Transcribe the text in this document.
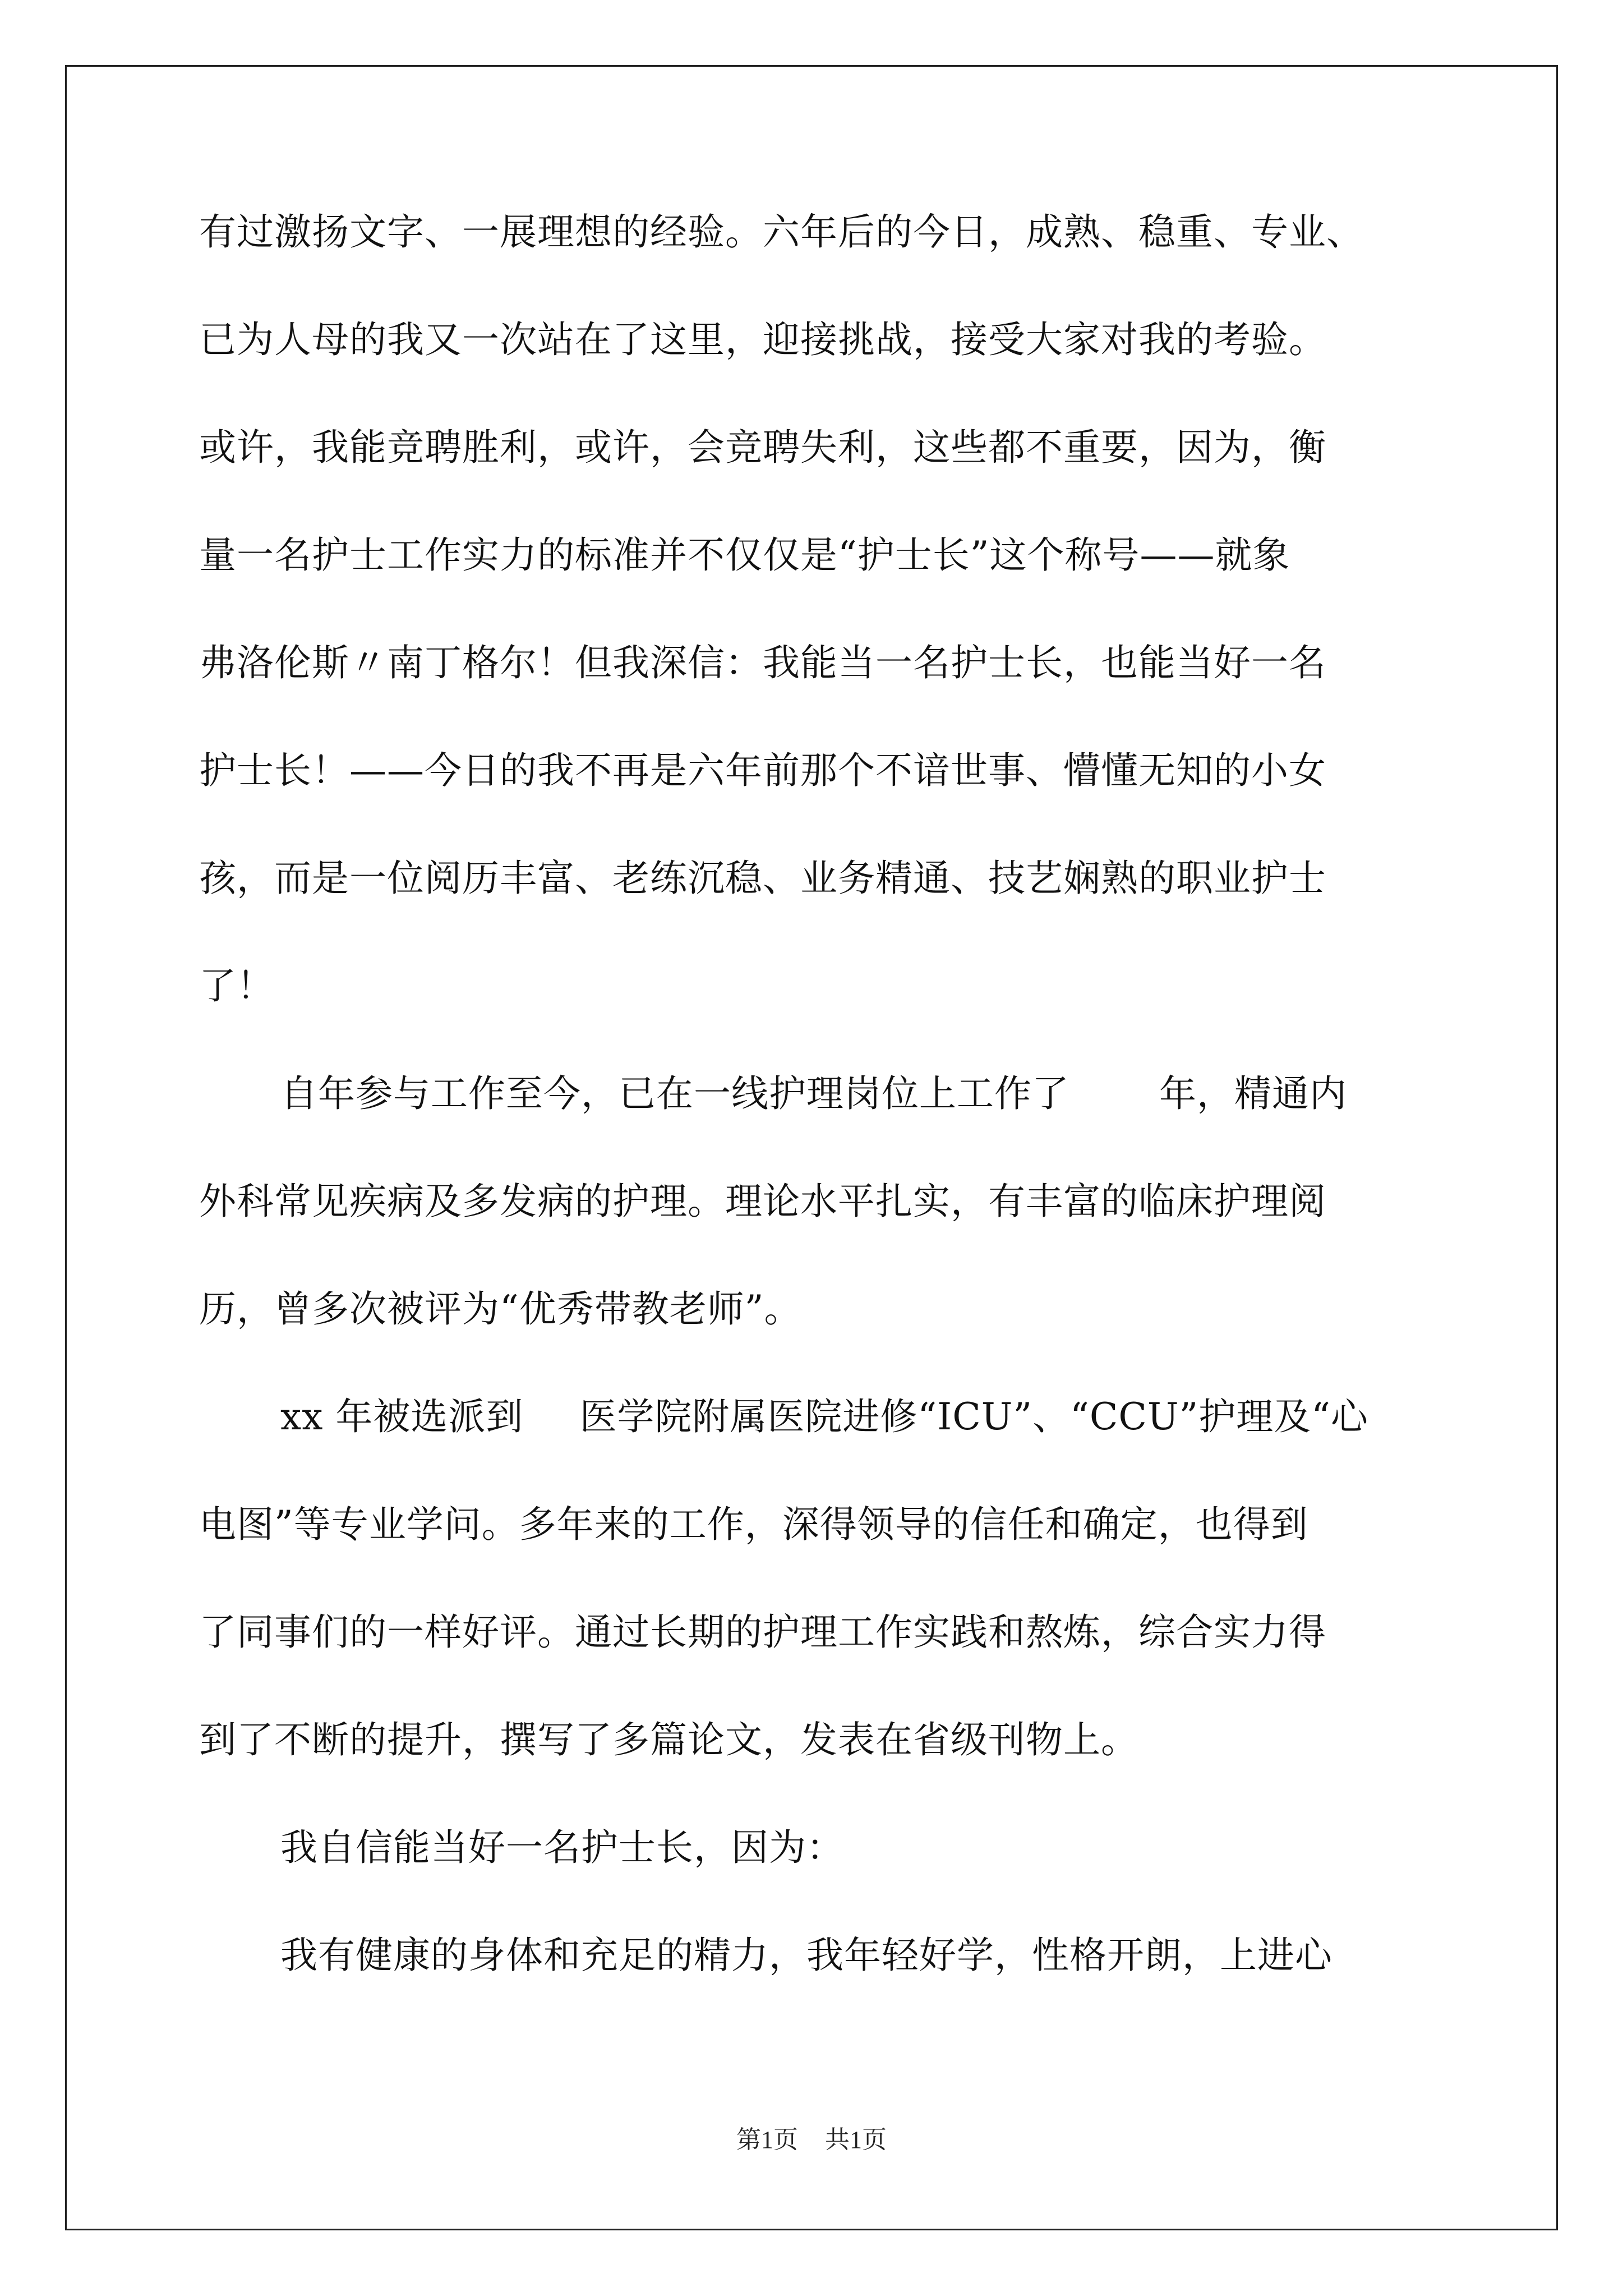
有过激扬文字、一展理想的经验。六年后的今日，成熟、稳重、专业、
已为人母的我又一次站在了这里，迎接挑战，接受大家对我的考验。
或许，我能竞聘胜利，或许，会竞聘失利，这些都不重要，因为，衡
量一名护士工作实力的标准并不仅仅是“护士长”这个称号——就象
弗洛伦斯〃南丁格尔！但我深信：我能当一名护士长，也能当好一名
护士长！——今日的我不再是六年前那个不谙世事、懵懂无知的小女
孩，而是一位阅历丰富、老练沉稳、业务精通、技艺娴熟的职业护士
了！
自年参与工作至今，已在一线护理岗位上工作了 年，精通内
外科常见疾病及多发病的护理。理论水平扎实，有丰富的临床护理阅
历，曾多次被评为“优秀带教老师”。
xx 年被选派到 医学院附属医院进修“ICU”、“CCU”护理及“心
电图”等专业学问。多年来的工作，深得领导的信任和确定，也得到
了同事们的一样好评。通过长期的护理工作实践和熬炼，综合实力得
到了不断的提升，撰写了多篇论文，发表在省级刊物上。
我自信能当好一名护士长，因为：
我有健康的身体和充足的精力，我年轻好学，性格开朗，上进心
第1页 共1页
